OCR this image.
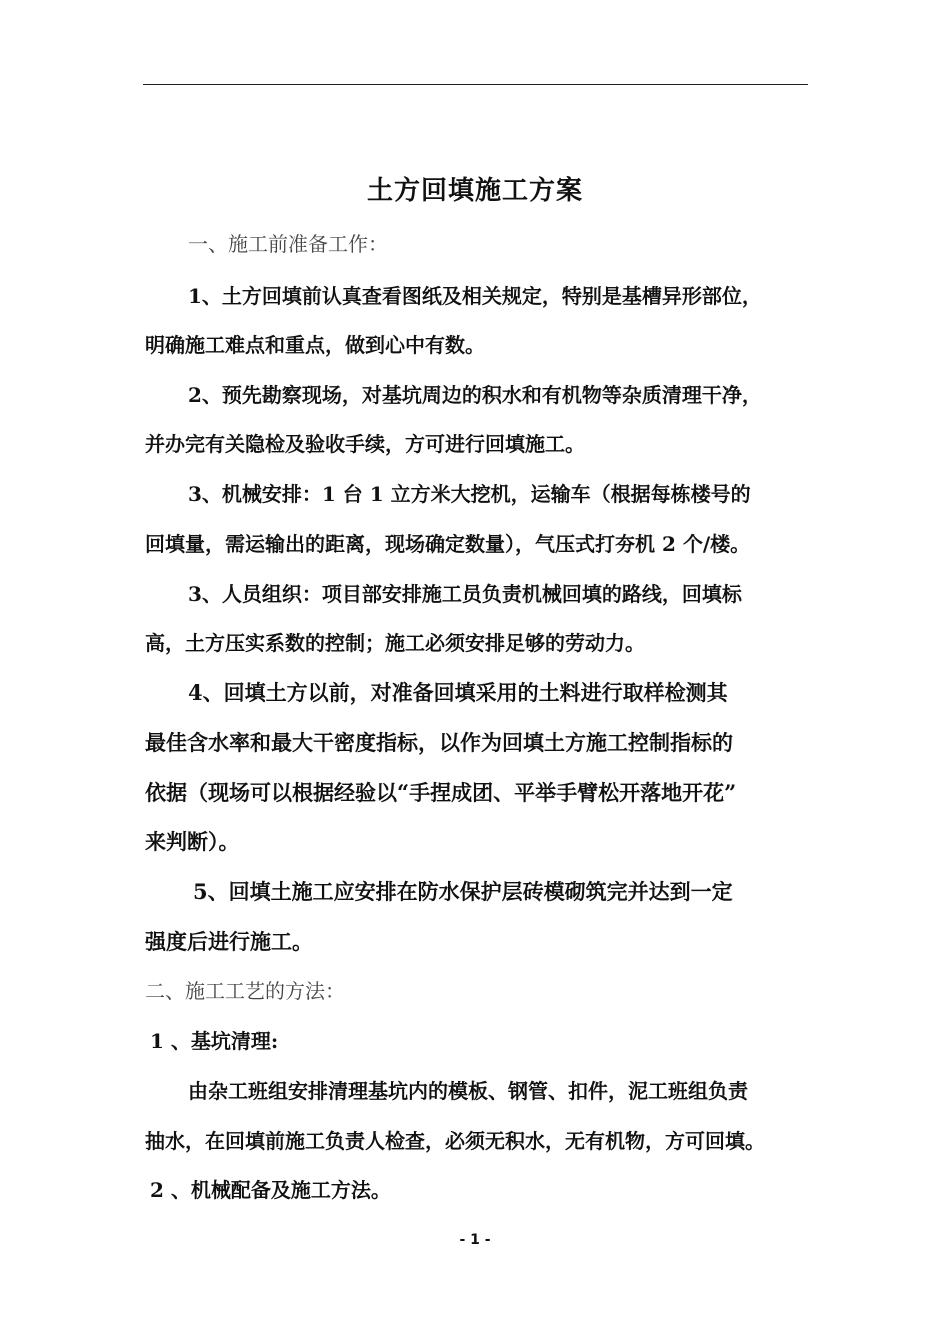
土方回填施工方案
一、施工前准备工作：
1、土方回填前认真查看图纸及相关规定，特别是基槽异形部位，
明确施工难点和重点，做到心中有数。
2、预先勘察现场，对基坑周边的积水和有机物等杂质清理干净，
并办完有关隐检及验收手续，方可进行回填施工。
3、机械安排：1 台 1 立方米大挖机，运输车（根据每栋楼号的
回填量，需运输出的距离，现场确定数量），气压式打夯机 2 个/楼。
3、人员组织：项目部安排施工员负责机械回填的路线，回填标
高，土方压实系数的控制；施工必须安排足够的劳动力。
4、回填土方以前，对准备回填采用的土料进行取样检测其
最佳含水率和最大干密度指标，以作为回填土方施工控制指标的
依据（现场可以根据经验以“手捏成团、平举手臂松开落地开花”
来判断）。
5、回填土施工应安排在防水保护层砖模砌筑完并达到一定
强度后进行施工。
二、施工工艺的方法：
1 、基坑清理:
由杂工班组安排清理基坑内的模板、钢管、扣件，泥工班组负责
抽水，在回填前施工负责人检查，必须无积水，无有机物，方可回填。
2 、机械配备及施工方法。
- 1 -
